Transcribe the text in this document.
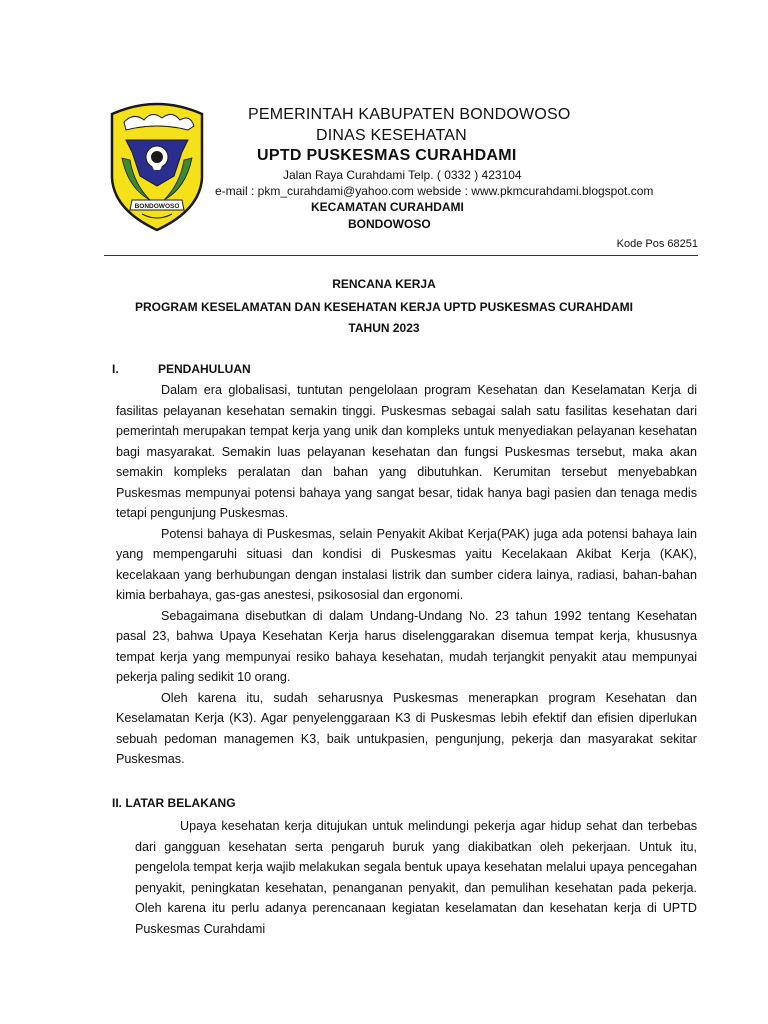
BONDOWOSO
PEMERINTAH KABUPATEN BONDOWOSO
DINAS KESEHATAN
UPTD PUSKESMAS CURAHDAMI
Jalan Raya Curahdami Telp. ( 0332 ) 423104
e-mail : pkm_curahdami@yahoo.com webside : www.pkmcurahdami.blogspot.com
KECAMATAN CURAHDAMI
BONDOWOSO
Kode Pos 68251
RENCANA KERJA
PROGRAM KESELAMATAN DAN KESEHATAN KERJA UPTD PUSKESMAS CURAHDAMI
TAHUN 2023
I.	PENDAHULUAN

Dalam era globalisasi, tuntutan pengelolaan program Kesehatan dan Keselamatan Kerja di fasilitas pelayanan kesehatan semakin tinggi. Puskesmas sebagai salah satu fasilitas kesehatan dari pemerintah merupakan tempat kerja yang unik dan kompleks untuk menyediakan pelayanan kesehatan bagi masyarakat. Semakin luas pelayanan kesehatan dan fungsi Puskesmas tersebut, maka akan semakin kompleks peralatan dan bahan yang dibutuhkan. Kerumitan tersebut menyebabkan Puskesmas mempunyai potensi bahaya yang sangat besar, tidak hanya bagi pasien dan tenaga medis tetapi pengunjung Puskesmas.

Potensi bahaya di Puskesmas, selain Penyakit Akibat Kerja(PAK) juga ada potensi bahaya lain yang mempengaruhi situasi dan kondisi di Puskesmas yaitu Kecelakaan Akibat Kerja (KAK), kecelakaan yang berhubungan dengan instalasi listrik dan sumber cidera lainya, radiasi, bahan-bahan kimia berbahaya, gas-gas anestesi, psikososial dan ergonomi.

Sebagaimana disebutkan di dalam Undang-Undang No. 23 tahun 1992 tentang Kesehatan pasal 23, bahwa Upaya Kesehatan Kerja harus diselenggarakan disemua tempat kerja, khususnya tempat kerja yang mempunyai resiko bahaya kesehatan, mudah terjangkit penyakit atau mempunyai pekerja paling sedikit 10 orang.

Oleh karena itu, sudah seharusnya Puskesmas menerapkan program Kesehatan dan Keselamatan Kerja (K3). Agar penyelenggaraan K3 di Puskesmas lebih efektif dan efisien diperlukan sebuah pedoman managemen K3, baik untukpasien, pengunjung, pekerja dan masyarakat sekitar Puskesmas.

II. LATAR BELAKANG

Upaya kesehatan kerja ditujukan untuk melindungi pekerja agar hidup sehat dan terbebas dari gangguan kesehatan serta pengaruh buruk yang diakibatkan oleh pekerjaan. Untuk itu, pengelola tempat kerja wajib melakukan segala bentuk upaya kesehatan melalui upaya pencegahan penyakit, peningkatan kesehatan, penanganan penyakit, dan pemulihan kesehatan pada pekerja. Oleh karena itu perlu adanya perencanaan kegiatan keselamatan dan kesehatan kerja di UPTD Puskesmas Curahdami
